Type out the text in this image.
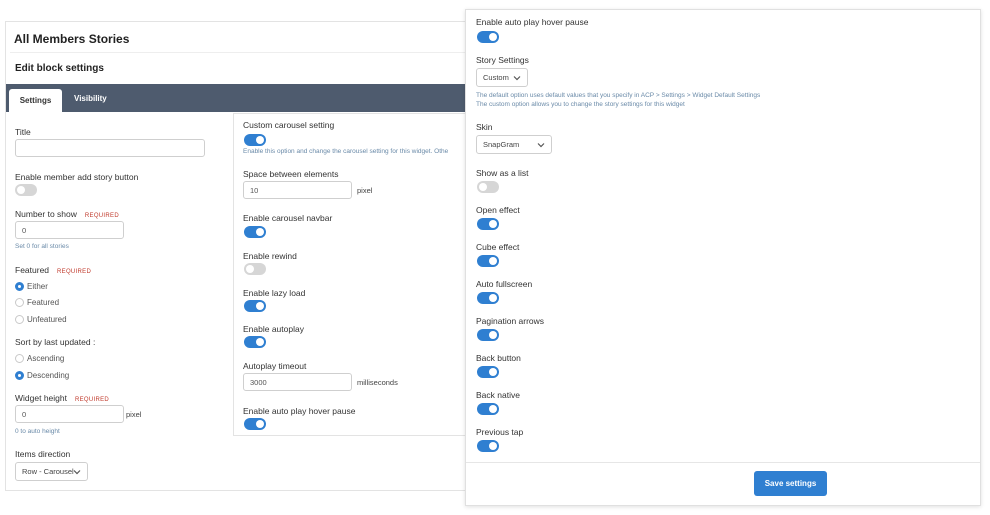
All Members Stories
Edit block settings
Settings	Visibility
Title
Enable member add story button
Number to show REQUIRED
0
Set 0 for all stories
Featured REQUIRED
Either
Featured
Unfeatured
Sort by last updated :
Ascending
Descending
Widget height REQUIRED
0	pixel
0 to auto height
Items direction
Row - Carousel
Custom carousel setting
Enable this option and change the carousel setting for this widget. Othe
Space between elements
10	pixel
Enable carousel navbar
Enable rewind
Enable lazy load
Enable autoplay
Autoplay timeout
3000	milliseconds
Enable auto play hover pause
Enable auto play hover pause
Story Settings
Custom
The default option uses default values that you specify in ACP > Settings > Widget Default Settings
The custom option allows you to change the story settings for this widget
Skin
SnapGram
Show as a list
Open effect
Cube effect
Auto fullscreen
Pagination arrows
Back button
Back native
Previous tap
Save settings
